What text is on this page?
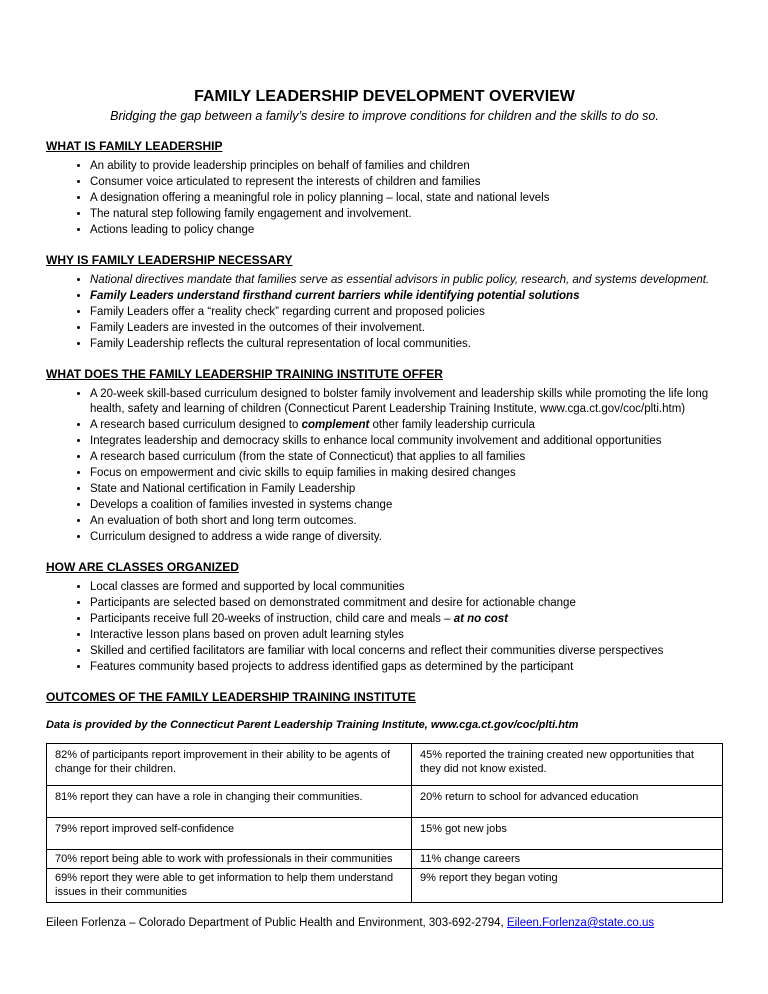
FAMILY LEADERSHIP DEVELOPMENT OVERVIEW
Bridging the gap between a family’s desire to improve conditions for children and the skills to do so.
WHAT IS FAMILY LEADERSHIP
• An ability to provide leadership principles on behalf of families and children
• Consumer voice articulated to represent the interests of children and families
• A designation offering a meaningful role in policy planning – local, state and national levels
• The natural step following family engagement and involvement.
• Actions leading to policy change
WHY IS FAMILY LEADERSHIP NECESSARY
• National directives mandate that families serve as essential advisors in public policy, research, and systems development.
• Family Leaders understand firsthand current barriers while identifying potential solutions
• Family Leaders offer a “reality check” regarding current and proposed policies
• Family Leaders are invested in the outcomes of their involvement.
• Family Leadership reflects the cultural representation of local communities.
WHAT DOES THE FAMILY LEADERSHIP TRAINING INSTITUTE OFFER
• A 20-week skill-based curriculum designed to bolster family involvement and leadership skills while promoting the life long health, safety and learning of children (Connecticut Parent Leadership Training Institute, www.cga.ct.gov/coc/plti.htm)
• A research based curriculum designed to complement other family leadership curricula
• Integrates leadership and democracy skills to enhance local community involvement and additional opportunities
• A research based curriculum (from the state of Connecticut) that applies to all families
• Focus on empowerment and civic skills to equip families in making desired changes
• State and National certification in Family Leadership
• Develops a coalition of families invested in systems change
• An evaluation of both short and long term outcomes.
• Curriculum designed to address a wide range of diversity.
HOW ARE CLASSES ORGANIZED
• Local classes are formed and supported by local communities
• Participants are selected based on demonstrated commitment and desire for actionable change
• Participants receive full 20-weeks of instruction, child care and meals – at no cost
• Interactive lesson plans based on proven adult learning styles
• Skilled and certified facilitators are familiar with local concerns and reflect their communities diverse perspectives
• Features community based projects to address identified gaps as determined by the participant
OUTCOMES OF THE FAMILY LEADERSHIP TRAINING INSTITUTE
Data is provided by the Connecticut Parent Leadership Training Institute, www.cga.ct.gov/coc/plti.htm
82% of participants report improvement in their ability to be agents of change for their children.	45% reported the training created new opportunities that they did not know existed.
81% report they can have a role in changing their communities.	20% return to school for advanced education
79% report improved self-confidence	15% got new jobs
70% report being able to work with professionals in their communities	11% change careers
69% report they were able to get information to help them understand issues in their communities	9% report they began voting
Eileen Forlenza – Colorado Department of Public Health and Environment, 303-692-2794, Eileen.Forlenza@state.co.us
